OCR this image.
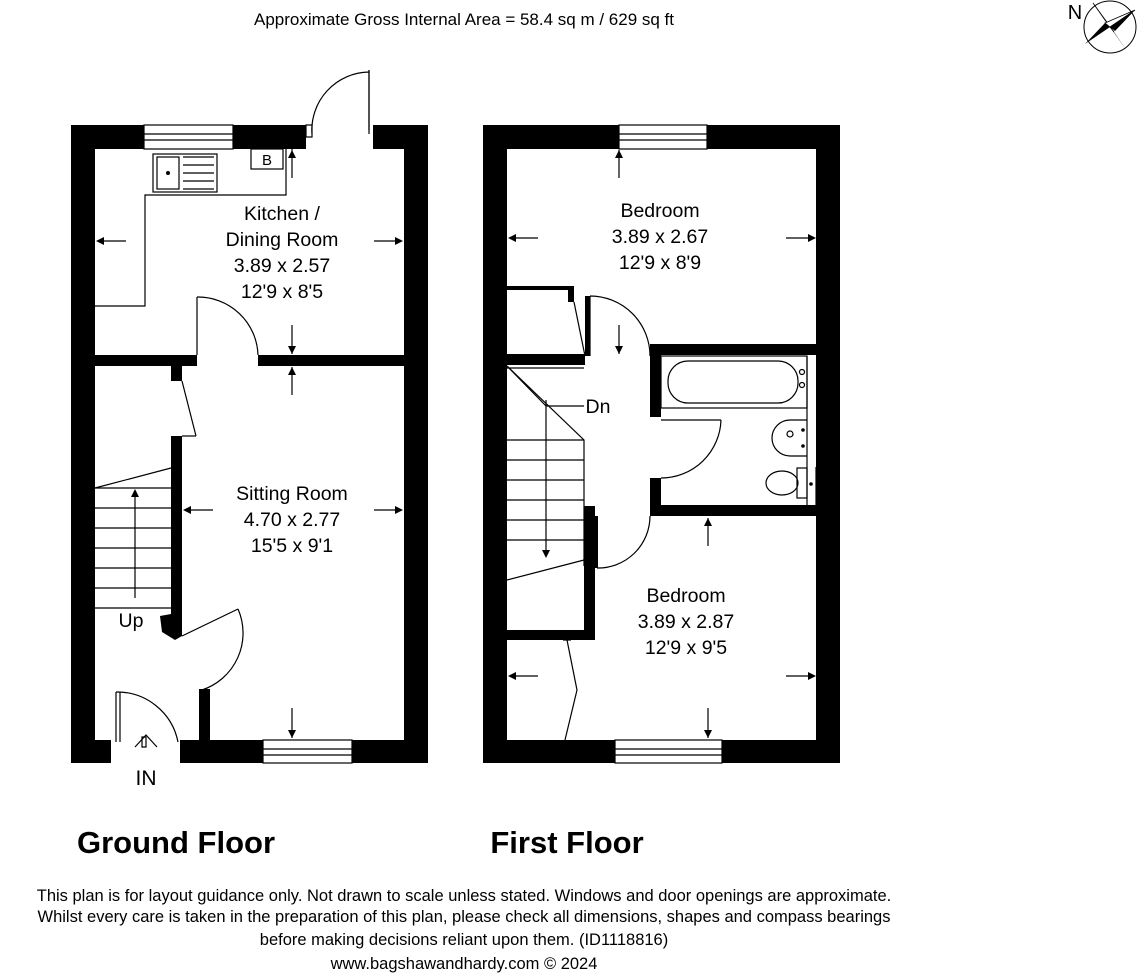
Approximate Gross Internal Area = 58.4 sq m / 629 sq ft	N
Kitchen /
Dining Room
3.89 x 2.57
12'9 x 8'5
B
Sitting Room
4.70 x 2.77
15'5 x 9'1
Up
IN
Bedroom
3.89 x 2.67
12'9 x 8'9
Dn
Bedroom
3.89 x 2.87
12'9 x 9'5
Ground Floor	First Floor
This plan is for layout guidance only. Not drawn to scale unless stated. Windows and door openings are approximate.
Whilst every care is taken in the preparation of this plan, please check all dimensions, shapes and compass bearings
before making decisions reliant upon them. (ID1118816)
www.bagshawandhardy.com © 2024
